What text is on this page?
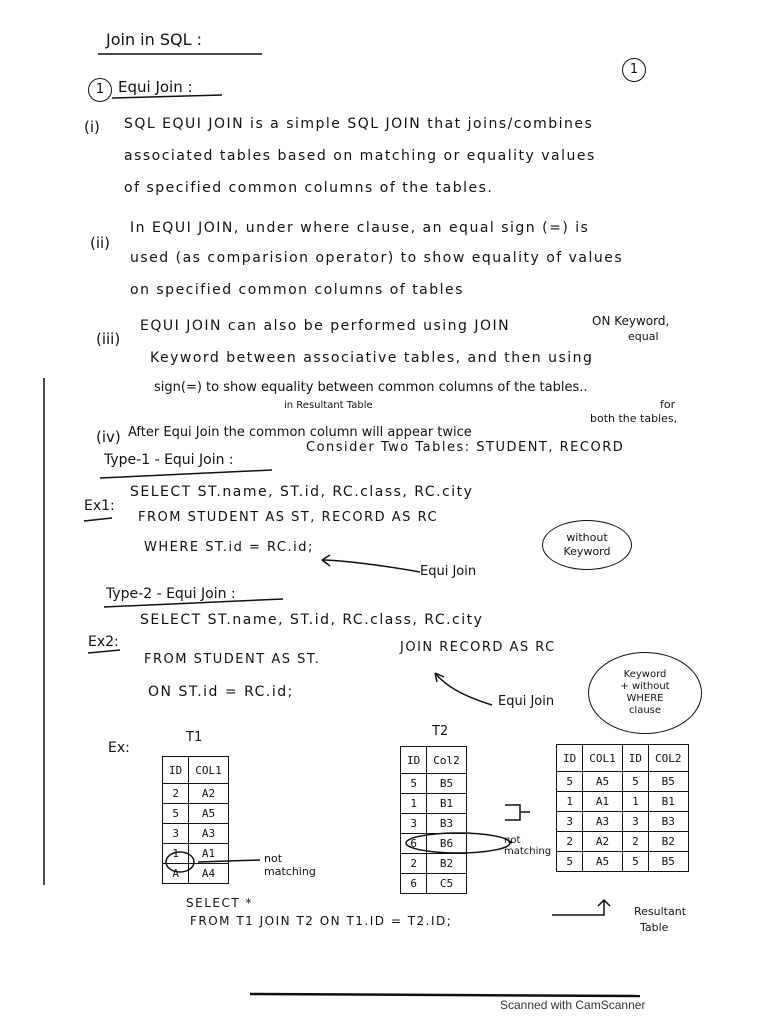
Join in SQL :
1
1 Equi Join :
(i) SQL EQUI JOIN is a simple SQL JOIN that joins/combines
associated tables based on matching or equality values
of specified common columns of the tables.
(ii)
In EQUI JOIN, under where clause, an equal sign (=) is
used (as comparision operator) to show equality of values
on specified common columns of tables
(iii)
EQUI JOIN can also be performed using JOIN	ON Keyword,
Keyword between associative tables, and then using
equal
sign(=) to show equality between common columns of the tables..
in Resultant Table	for
both the tables,
(iv) After Equi Join the common column will appear twice
Type-1 - Equi Join :
Consider Two Tables: STUDENT, RECORD
Ex1:
SELECT ST.name, ST.id, RC.class, RC.city
FROM STUDENT AS ST, RECORD AS RC
WHERE ST.id = RC.id;
Equi Join
without
Keyword
Type-2 - Equi Join :
Ex2:
SELECT ST.name, ST.id, RC.class, RC.city
FROM STUDENT AS ST.
JOIN RECORD AS RC
ON ST.id = RC.id;
Equi Join
Keyword
+ without
WHERE
clause
Ex:
T1	T2
ID	COL1
2	A2
5	A5
3	A3
1	A1
A	A4
ID	Col2
5	B5
1	B1
3	B3
6	B6
2	B2
6	C5
ID	COL1	ID	COL2
5	A5	5	B5
1	A1	1	B1
3	A3	3	B3
2	A2	2	B2
5	A5	5	B5
not matching
not matching
SELECT *
FROM T1 JOIN T2 ON T1.ID = T2.ID;
Resultant
Table
Scanned with CamScanner
